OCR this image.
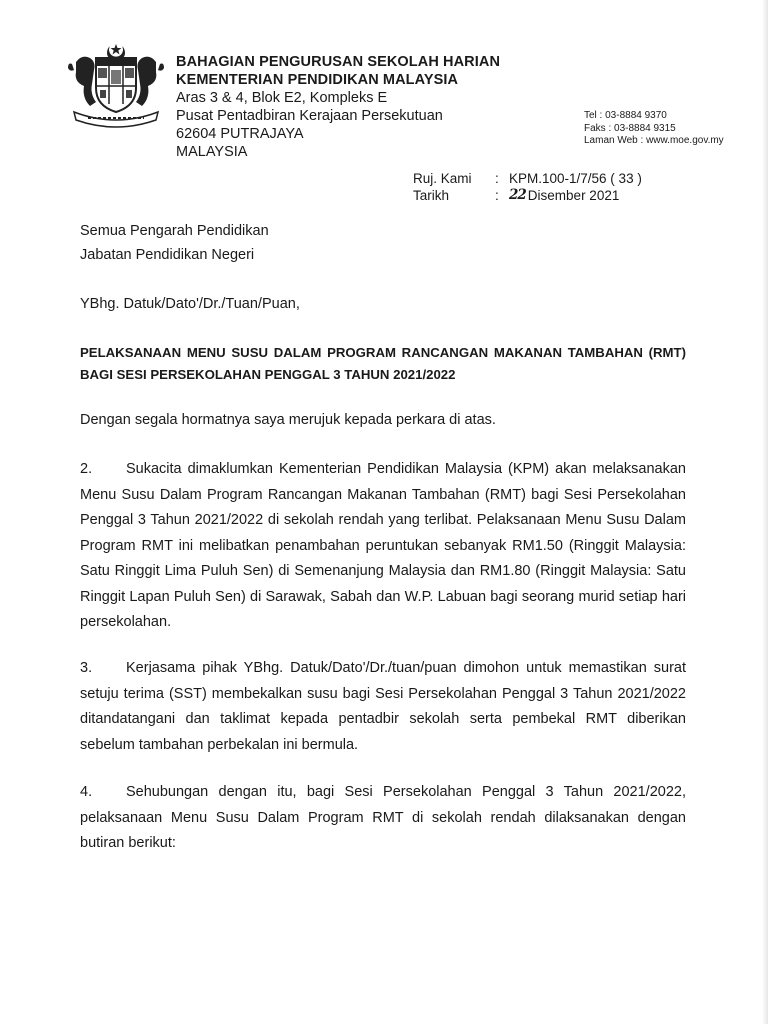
BAHAGIAN PENGURUSAN SEKOLAH HARIAN
KEMENTERIAN PENDIDIKAN MALAYSIA
Aras 3 & 4, Blok E2, Kompleks E
Pusat Pentadbiran Kerajaan Persekutuan
62604 PUTRAJAYA
MALAYSIA
Tel : 03-8884 9370
Faks : 03-8884 9315
Laman Web : www.moe.gov.my
Ruj. Kami	: KPM.100-1/7/56 ( 33 )
Tarikh	: 22 Disember 2021
Semua Pengarah Pendidikan
Jabatan Pendidikan Negeri
YBhg. Datuk/Dato'/Dr./Tuan/Puan,
PELAKSANAAN MENU SUSU DALAM PROGRAM RANCANGAN MAKANAN TAMBAHAN (RMT) BAGI SESI PERSEKOLAHAN PENGGAL 3 TAHUN 2021/2022
Dengan segala hormatnya saya merujuk kepada perkara di atas.
2. Sukacita dimaklumkan Kementerian Pendidikan Malaysia (KPM) akan melaksanakan Menu Susu Dalam Program Rancangan Makanan Tambahan (RMT) bagi Sesi Persekolahan Penggal 3 Tahun 2021/2022 di sekolah rendah yang terlibat. Pelaksanaan Menu Susu Dalam Program RMT ini melibatkan penambahan peruntukan sebanyak RM1.50 (Ringgit Malaysia: Satu Ringgit Lima Puluh Sen) di Semenanjung Malaysia dan RM1.80 (Ringgit Malaysia: Satu Ringgit Lapan Puluh Sen) di Sarawak, Sabah dan W.P. Labuan bagi seorang murid setiap hari persekolahan.
3. Kerjasama pihak YBhg. Datuk/Dato'/Dr./tuan/puan dimohon untuk memastikan surat setuju terima (SST) membekalkan susu bagi Sesi Persekolahan Penggal 3 Tahun 2021/2022 ditandatangani dan taklimat kepada pentadbir sekolah serta pembekal RMT diberikan sebelum tambahan perbekalan ini bermula.
4. Sehubungan dengan itu, bagi Sesi Persekolahan Penggal 3 Tahun 2021/2022, pelaksanaan Menu Susu Dalam Program RMT di sekolah rendah dilaksanakan dengan butiran berikut:
